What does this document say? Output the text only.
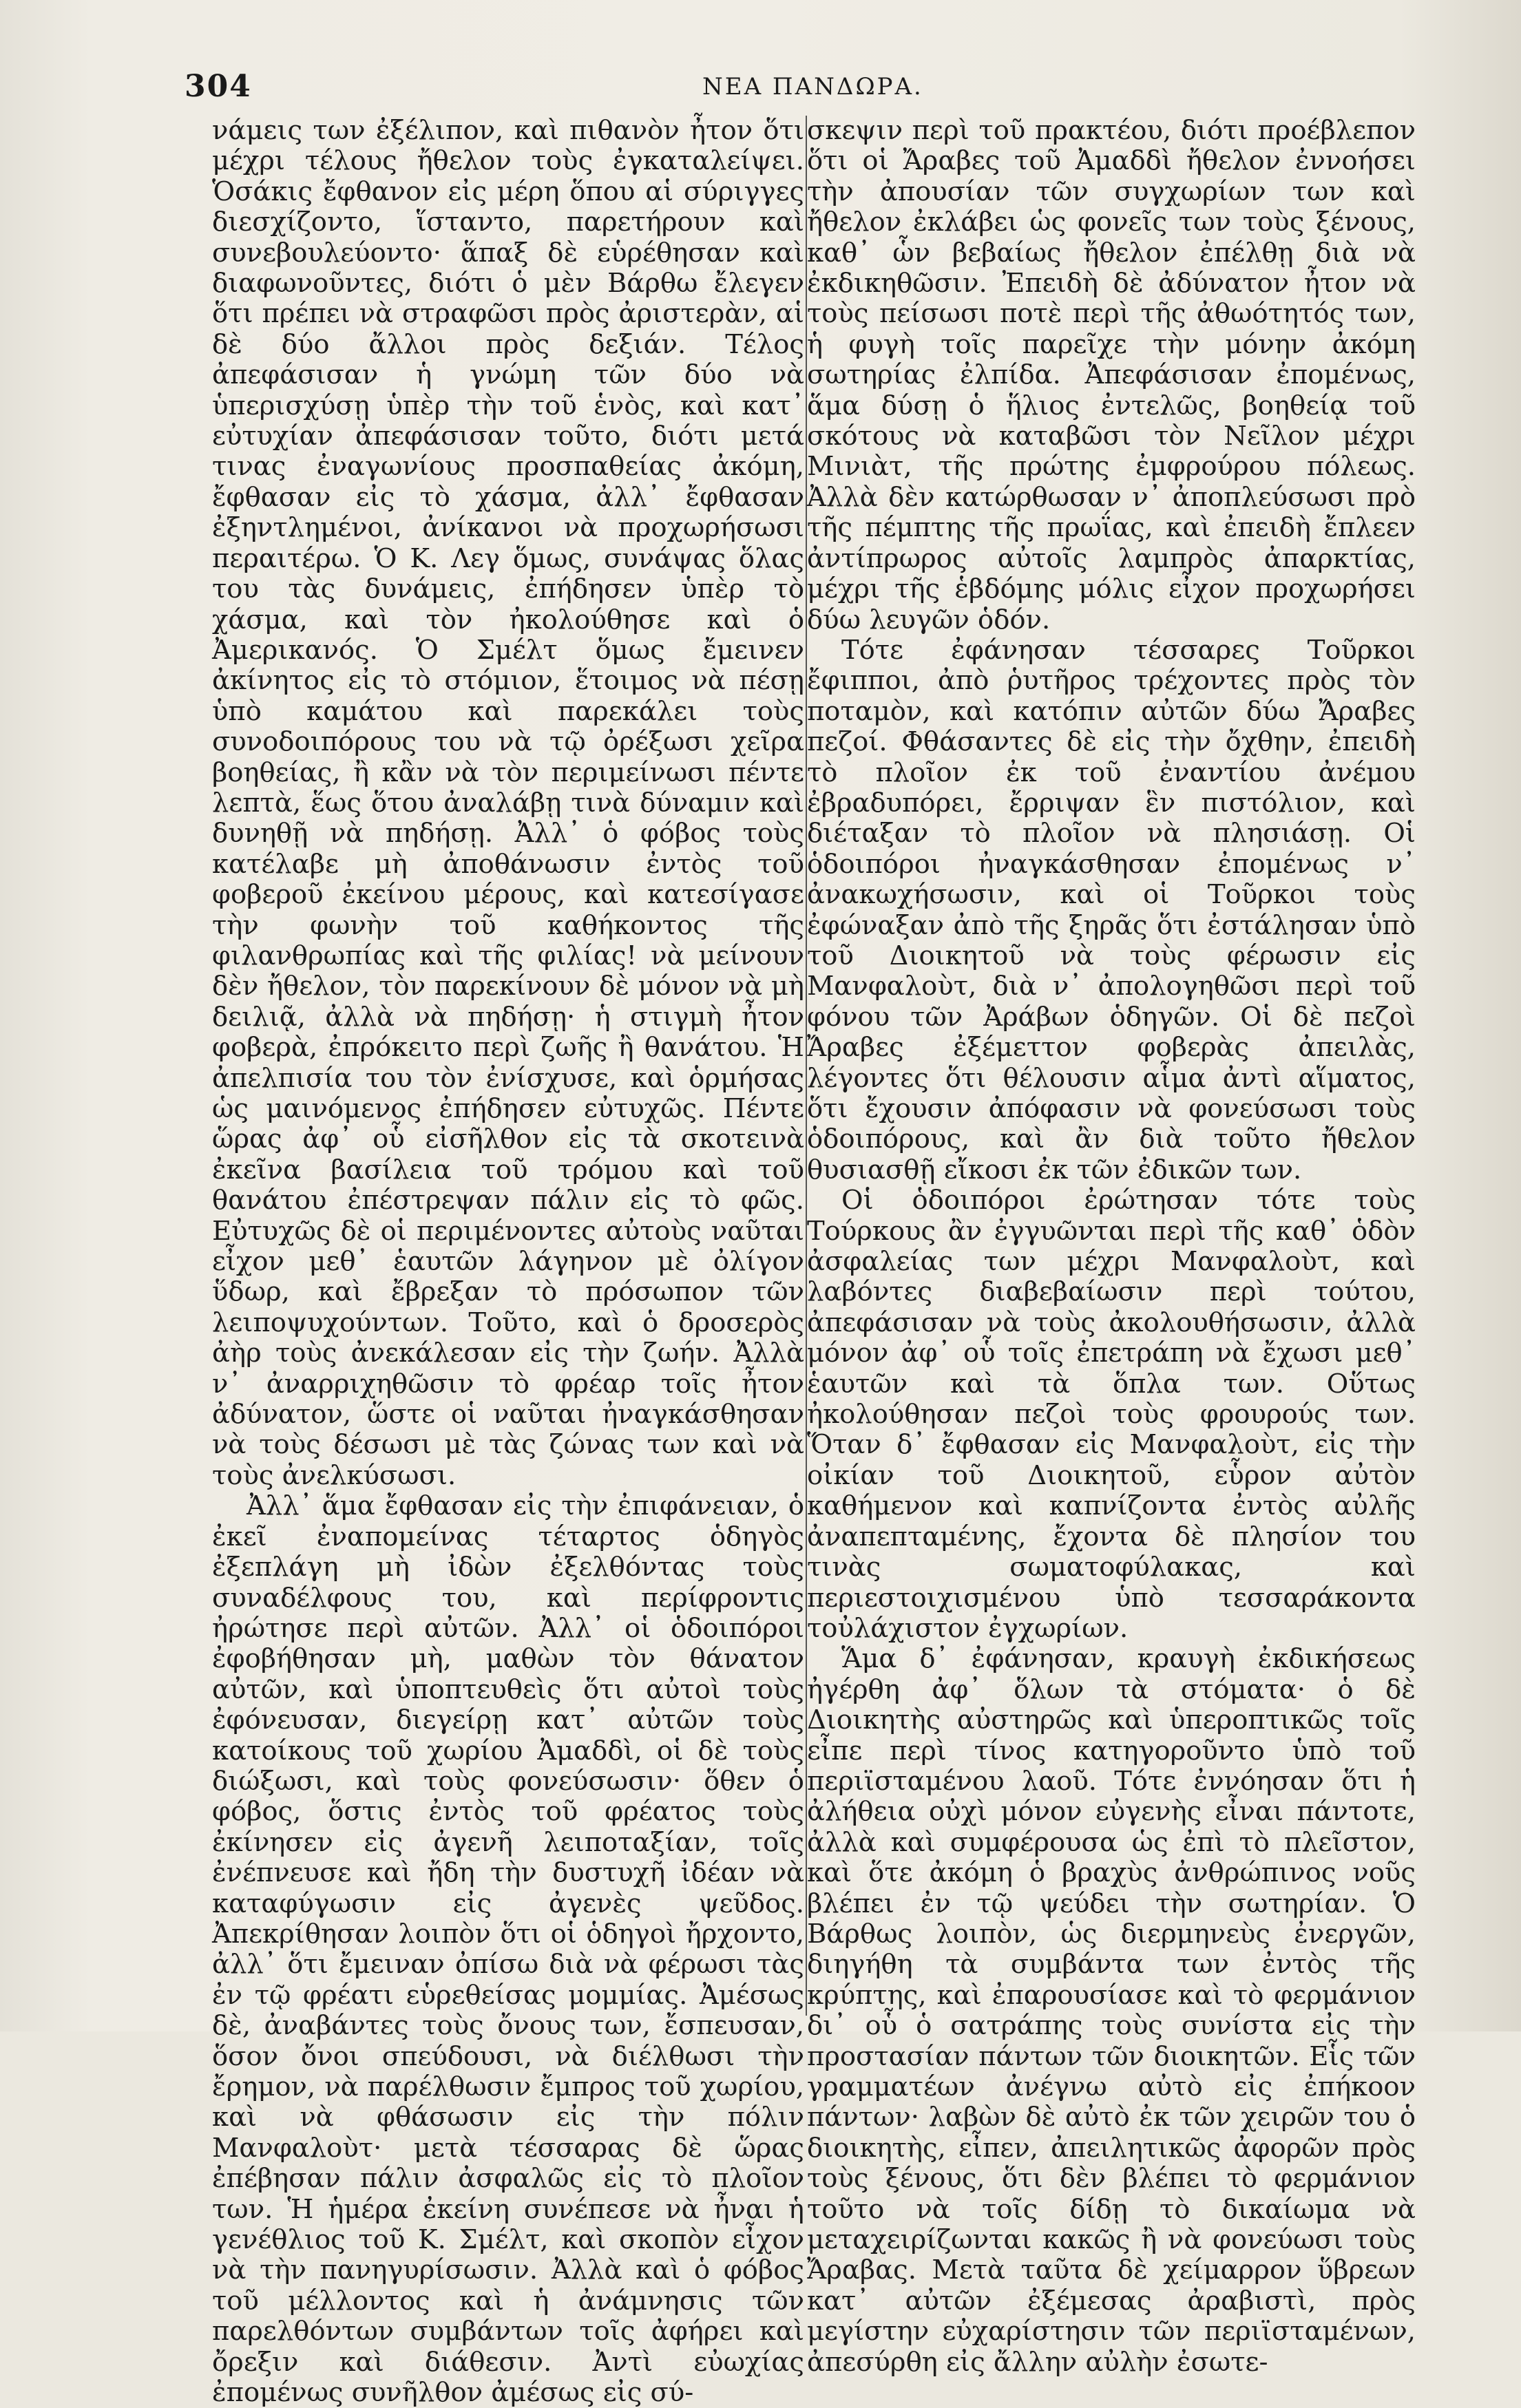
304	ΝΕΑ ΠΑΝΔΩΡΑ.

νάμεις των ἐξέλιπον, καὶ πιθανὸν ἦτον ὅτι μέχρι τέλους ἤθελον τοὺς ἐγκαταλείψει. Ὁσάκις ἔφθανον εἰς μέρη ὅπου αἱ σύριγγες διεσχίζοντο, ἵσταντο, παρετήρουν καὶ συνεβουλεύοντο· ἅπαξ δὲ εὑρέθησαν καὶ διαφωνοῦντες, διότι ὁ μὲν Βάρθω ἔλεγεν ὅτι πρέπει νὰ στραφῶσι πρὸς ἀριστερὰν, αἱ δὲ δύο ἄλλοι πρὸς δεξιάν. Τέλος ἀπεφάσισαν ἡ γνώμη τῶν δύο νὰ ὑπερισχύσῃ ὑπὲρ τὴν τοῦ ἑνὸς, καὶ κατ᾽ εὐτυχίαν ἀπεφάσισαν τοῦτο, διότι μετά τινας ἐναγωνίους προσπαθείας ἀκόμη, ἔφθασαν εἰς τὸ χάσμα, ἀλλ᾽ ἔφθασαν ἐξηντλημένοι, ἀνίκανοι νὰ προχωρήσωσι περαιτέρω. Ὁ Κ. Λεγ ὅμως, συνάψας ὅλας του τὰς δυνάμεις, ἐπήδησεν ὑπὲρ τὸ χάσμα, καὶ τὸν ἠκολούθησε καὶ ὁ Ἀμερικανός. Ὁ Σμέλτ ὅμως ἔμεινεν ἀκίνητος εἰς τὸ στόμιον, ἕτοιμος νὰ πέσῃ ὑπὸ καμάτου καὶ παρεκάλει τοὺς συνοδοιπόρους του νὰ τῷ ὀρέξωσι χεῖρα βοηθείας, ἢ κἂν νὰ τὸν περιμείνωσι πέντε λεπτὰ, ἕως ὅτου ἀναλάβῃ τινὰ δύναμιν καὶ δυνηθῇ νὰ πηδήσῃ. Ἀλλ᾽ ὁ φόβος τοὺς κατέλαβε μὴ ἀποθάνωσιν ἐντὸς τοῦ φοβεροῦ ἐκείνου μέρους, καὶ κατεσίγασε τὴν φωνὴν τοῦ καθήκοντος τῆς φιλανθρωπίας καὶ τῆς φιλίας! νὰ μείνουν δὲν ἤθελον, τὸν παρεκίνουν δὲ μόνον νὰ μὴ δειλιᾷ, ἀλλὰ νὰ πηδήσῃ· ἡ στιγμὴ ἦτον φοβερὰ, ἐπρόκειτο περὶ ζωῆς ἢ θανάτου. Ἡ ἀπελπισία του τὸν ἐνίσχυσε, καὶ ὁρμήσας ὡς μαινόμενος ἐπήδησεν εὐτυχῶς. Πέντε ὥρας ἀφ᾽ οὗ εἰσῆλθον εἰς τὰ σκοτεινὰ ἐκεῖνα βασίλεια τοῦ τρόμου καὶ τοῦ θανάτου ἐπέστρεψαν πάλιν εἰς τὸ φῶς. Εὐτυχῶς δὲ οἱ περιμένοντες αὐτοὺς ναῦται εἶχον μεθ᾽ ἑαυτῶν λάγηνον μὲ ὀλίγον ὕδωρ, καὶ ἔβρεξαν τὸ πρόσωπον τῶν λειποψυχούντων. Τοῦτο, καὶ ὁ δροσερὸς ἀὴρ τοὺς ἀνεκάλεσαν εἰς τὴν ζωήν. Ἀλλὰ ν᾽ ἀναρριχηθῶσιν τὸ φρέαρ τοῖς ἦτον ἀδύνατον, ὥστε οἱ ναῦται ἠναγκάσθησαν νὰ τοὺς δέσωσι μὲ τὰς ζώνας των καὶ νὰ τοὺς ἀνελκύσωσι.

Ἀλλ᾽ ἅμα ἔφθασαν εἰς τὴν ἐπιφάνειαν, ὁ ἐκεῖ ἐναπομείνας τέταρτος ὁδηγὸς ἐξεπλάγη μὴ ἰδὼν ἐξελθόντας τοὺς συναδέλφους του, καὶ περίφροντις ἠρώτησε περὶ αὐτῶν. Ἀλλ᾽ οἱ ὁδοιπόροι ἐφοβήθησαν μὴ, μαθὼν τὸν θάνατον αὐτῶν, καὶ ὑποπτευθεὶς ὅτι αὐτοὶ τοὺς ἐφόνευσαν, διεγείρῃ κατ᾽ αὐτῶν τοὺς κατοίκους τοῦ χωρίου Ἀμαδδὶ, οἱ δὲ τοὺς διώξωσι, καὶ τοὺς φονεύσωσιν· ὅθεν ὁ φόβος, ὅστις ἐντὸς τοῦ φρέατος τοὺς ἐκίνησεν εἰς ἀγενῆ λειποταξίαν, τοῖς ἐνέπνευσε καὶ ἤδη τὴν δυστυχῆ ἰδέαν νὰ καταφύγωσιν εἰς ἀγενὲς ψεῦδος. Ἀπεκρίθησαν λοιπὸν ὅτι οἱ ὁδηγοὶ ἤρχοντο, ἀλλ᾽ ὅτι ἔμειναν ὀπίσω διὰ νὰ φέρωσι τὰς ἐν τῷ φρέατι εὑρεθείσας μομμίας. Ἀμέσως δὲ, ἀναβάντες τοὺς ὄνους των, ἔσπευσαν, ὅσον ὄνοι σπεύδουσι, νὰ διέλθωσι τὴν ἔρημον, νὰ παρέλθωσιν ἔμπρος τοῦ χωρίου, καὶ νὰ φθάσωσιν εἰς τὴν πόλιν Μανφαλοὺτ· μετὰ τέσσαρας δὲ ὥρας ἐπέβησαν πάλιν ἀσφαλῶς εἰς τὸ πλοῖον των. Ἡ ἡμέρα ἐκείνη συνέπεσε νὰ ἦναι ἡ γενέθλιος τοῦ Κ. Σμέλτ, καὶ σκοπὸν εἶχον νὰ τὴν πανηγυρίσωσιν. Ἀλλὰ καὶ ὁ φόβος τοῦ μέλλοντος καὶ ἡ ἀνάμνησις τῶν παρελθόντων συμβάντων τοῖς ἀφήρει καὶ ὄρεξιν καὶ διάθεσιν. Ἀντὶ εὐωχίας ἐπομένως συνῆλθον ἀμέσως εἰς σύ-

σκεψιν περὶ τοῦ πρακτέου, διότι προέβλεπον ὅτι οἱ Ἄραβες τοῦ Ἀμαδδὶ ἤθελον ἐννοήσει τὴν ἀπουσίαν τῶν συγχωρίων των καὶ ἤθελον ἐκλάβει ὡς φονεῖς των τοὺς ξένους, καθ᾽ ὧν βεβαίως ἤθελον ἐπέλθῃ διὰ νὰ ἐκδικηθῶσιν. Ἐπειδὴ δὲ ἀδύνατον ἦτον νὰ τοὺς πείσωσι ποτὲ περὶ τῆς ἀθωότητός των, ἡ φυγὴ τοῖς παρεῖχε τὴν μόνην ἀκόμη σωτηρίας ἐλπίδα. Ἀπεφάσισαν ἐπομένως, ἅμα δύσῃ ὁ ἥλιος ἐντελῶς, βοηθείᾳ τοῦ σκότους νὰ καταβῶσι τὸν Νεῖλον μέχρι Μινιὰτ, τῆς πρώτης ἐμφρούρου πόλεως. Ἀλλὰ δὲν κατώρθωσαν ν᾽ ἀποπλεύσωσι πρὸ τῆς πέμπτης τῆς πρωΐας, καὶ ἐπειδὴ ἔπλεεν ἀντίπρωρος αὐτοῖς λαμπρὸς ἀπαρκτίας, μέχρι τῆς ἑβδόμης μόλις εἶχον προχωρήσει δύω λευγῶν ὁδόν.

Τότε ἐφάνησαν τέσσαρες Τοῦρκοι ἔφιπποι, ἀπὸ ῥυτῆρος τρέχοντες πρὸς τὸν ποταμὸν, καὶ κατόπιν αὐτῶν δύω Ἄραβες πεζοί. Φθάσαντες δὲ εἰς τὴν ὄχθην, ἐπειδὴ τὸ πλοῖον ἐκ τοῦ ἐναντίου ἀνέμου ἐβραδυπόρει, ἔρριψαν ἓν πιστόλιον, καὶ διέταξαν τὸ πλοῖον νὰ πλησιάσῃ. Οἱ ὁδοιπόροι ἠναγκάσθησαν ἐπομένως ν᾽ ἀνακωχήσωσιν, καὶ οἱ Τοῦρκοι τοὺς ἐφώναξαν ἀπὸ τῆς ξηρᾶς ὅτι ἐστάλησαν ὑπὸ τοῦ Διοικητοῦ νὰ τοὺς φέρωσιν εἰς Μανφαλοὺτ, διὰ ν᾽ ἀπολογηθῶσι περὶ τοῦ φόνου τῶν Ἀράβων ὁδηγῶν. Οἱ δὲ πεζοὶ Ἄραβες ἐξέμεττον φοβερὰς ἀπειλὰς, λέγοντες ὅτι θέλουσιν αἷμα ἀντὶ αἵματος, ὅτι ἔχουσιν ἀπόφασιν νὰ φονεύσωσι τοὺς ὁδοιπόρους, καὶ ἂν διὰ τοῦτο ἤθελον θυσιασθῇ εἴκοσι ἐκ τῶν ἐδικῶν των.

Οἱ ὁδοιπόροι ἐρώτησαν τότε τοὺς Τούρκους ἂν ἐγγυῶνται περὶ τῆς καθ᾽ ὁδὸν ἀσφαλείας των μέχρι Μανφαλοὺτ, καὶ λαβόντες διαβεβαίωσιν περὶ τούτου, ἀπεφάσισαν νὰ τοὺς ἀκολουθήσωσιν, ἀλλὰ μόνον ἀφ᾽ οὗ τοῖς ἐπετράπη νὰ ἔχωσι μεθ᾽ ἑαυτῶν καὶ τὰ ὅπλα των. Οὕτως ἠκολούθησαν πεζοὶ τοὺς φρουρούς των. Ὅταν δ᾽ ἔφθασαν εἰς Μανφαλοὺτ, εἰς τὴν οἰκίαν τοῦ Διοικητοῦ, εὗρον αὐτὸν καθήμενον καὶ καπνίζοντα ἐντὸς αὐλῆς ἀναπεπταμένης, ἔχοντα δὲ πλησίον του τινὰς σωματοφύλακας, καὶ περιεστοιχισμένου ὑπὸ τεσσαράκοντα τοὐλάχιστον ἐγχωρίων.

Ἅμα δ᾽ ἐφάνησαν, κραυγὴ ἐκδικήσεως ἠγέρθη ἀφ᾽ ὅλων τὰ στόματα· ὁ δὲ Διοικητὴς αὐστηρῶς καὶ ὑπεροπτικῶς τοῖς εἶπε περὶ τίνος κατηγοροῦντο ὑπὸ τοῦ περιϊσταμένου λαοῦ. Τότε ἐννόησαν ὅτι ἡ ἀλήθεια οὐχὶ μόνον εὐγενὴς εἶναι πάντοτε, ἀλλὰ καὶ συμφέρουσα ὡς ἐπὶ τὸ πλεῖστον, καὶ ὅτε ἀκόμη ὁ βραχὺς ἀνθρώπινος νοῦς βλέπει ἐν τῷ ψεύδει τὴν σωτηρίαν. Ὁ Βάρθως λοιπὸν, ὡς διερμηνεὺς ἐνεργῶν, διηγήθη τὰ συμβάντα των ἐντὸς τῆς κρύπτης, καὶ ἐπαρουσίασε καὶ τὸ φερμάνιον δι᾽ οὗ ὁ σατράπης τοὺς συνίστα εἰς τὴν προστασίαν πάντων τῶν διοικητῶν. Εἷς τῶν γραμματέων ἀνέγνω αὐτὸ εἰς ἐπήκοον πάντων· λαβὼν δὲ αὐτὸ ἐκ τῶν χειρῶν του ὁ διοικητὴς, εἶπεν, ἀπειλητικῶς ἀφορῶν πρὸς τοὺς ξένους, ὅτι δὲν βλέπει τὸ φερμάνιον τοῦτο νὰ τοῖς δίδῃ τὸ δικαίωμα νὰ μεταχειρίζωνται κακῶς ἢ νὰ φονεύωσι τοὺς Ἄραβας. Μετὰ ταῦτα δὲ χείμαρρον ὕβρεων κατ᾽ αὐτῶν ἐξέμεσας ἀραβιστὶ, πρὸς μεγίστην εὐχαρίστησιν τῶν περιϊσταμένων, ἀπεσύρθη εἰς ἄλλην αὐλὴν ἐσωτε-
